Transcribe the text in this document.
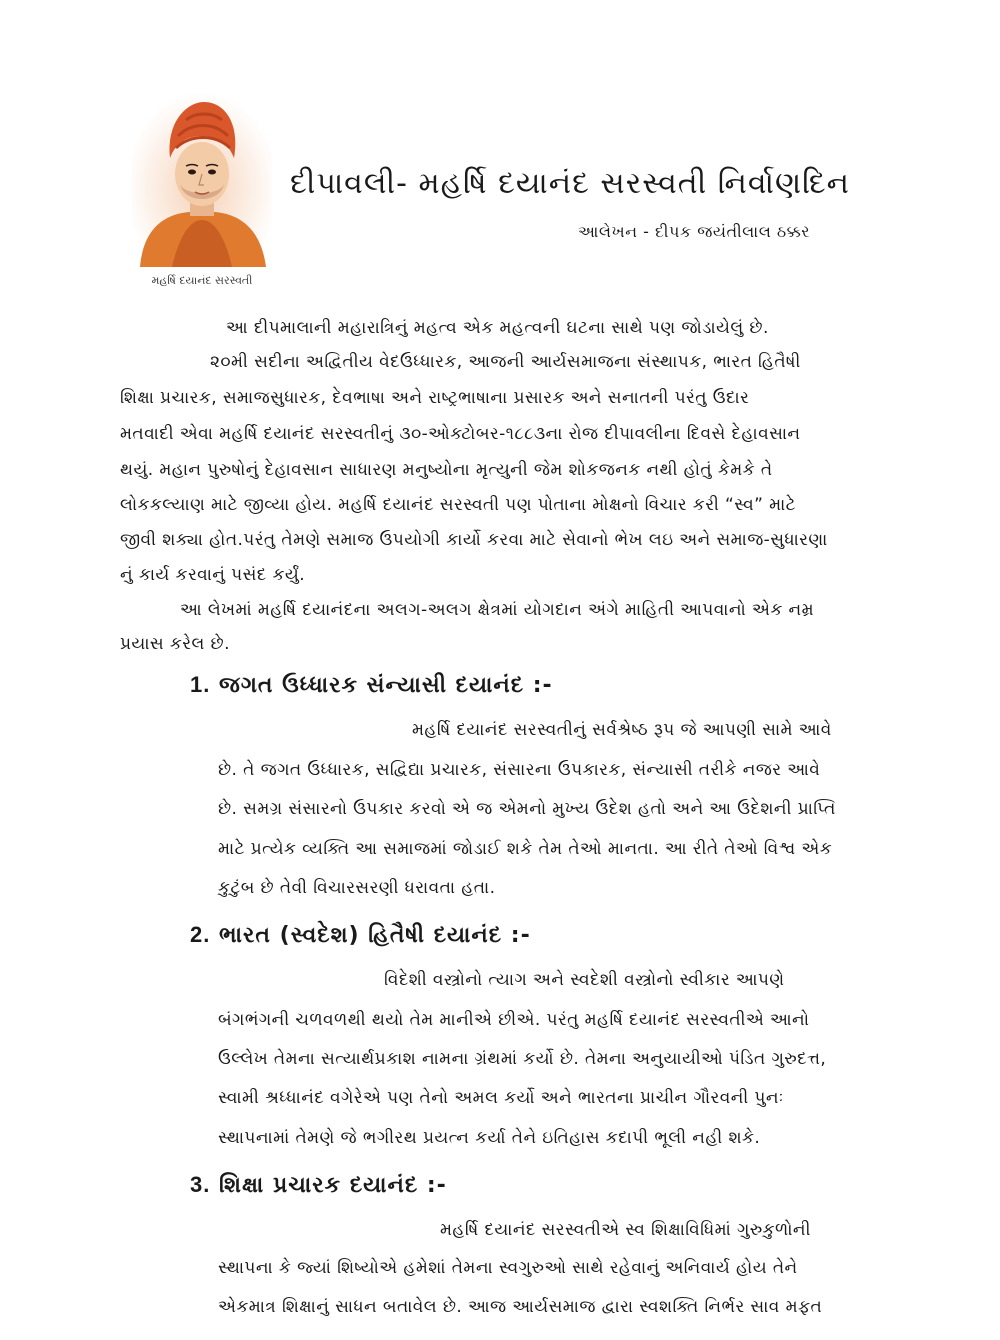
મહર્ષિ દયાનંદ સરસ્વતી
દીપાવલી- મહર્ષિ દયાનંદ સરસ્વતી નિર્વાણદિન
આલેખન - દીપક જયંતીલાલ ઠક્કર
આ દીપમાલાની મહારાત્રિનું મહત્વ એક મહત્વની ઘટના સાથે પણ જોડાયેલું છે.
૨૦મી સદીના અદ્વિતીય વેદઉધ્ધારક, આજની આર્યસમાજના સંસ્થાપક, ભારત હિતૈષી
શિક્ષા પ્રચારક, સમાજસુધારક, દેવભાષા અને રાષ્ટ્રભાષાના પ્રસારક અને સનાતની પરંતુ ઉદાર
મતવાદી એવા મહર્ષિ દયાનંદ સરસ્વતીનું ૩૦-ઓક્ટોબર-૧૮૮૩ના રોજ દીપાવલીના દિવસે દેહાવસાન
થયું. મહાન પુરુષોનું દેહાવસાન સાધારણ મનુષ્યોના મૃત્યુની જેમ શોકજનક નથી હોતું કેમકે તે
લોકકલ્યાણ માટે જીવ્યા હોય. મહર્ષિ દયાનંદ સરસ્વતી પણ પોતાના મોક્ષનો વિચાર કરી “સ્વ” માટે
જીવી શક્યા હોત.પરંતુ તેમણે સમાજ ઉપયોગી કાર્યો કરવા માટે સેવાનો ભેખ લઇ અને સમાજ-સુધારણા
નું કાર્ય કરવાનું પસંદ કર્યું.
આ લેખમાં મહર્ષિ દયાનંદના અલગ-અલગ ક્ષેત્રમાં યોગદાન અંગે માહિતી આપવાનો એક નમ્ર
પ્રયાસ કરેલ છે.
1. જગત ઉધ્ધારક સંન્યાસી દયાનંદ :-
મહર્ષિ દયાનંદ સરસ્વતીનું સર્વશ્રેષ્ઠ રૂપ જે આપણી સામે આવે
છે. તે જગત ઉધ્ધારક, સદ્વિદ્યા પ્રચારક, સંસારના ઉપકારક, સંન્યાસી તરીકે નજર આવે
છે. સમગ્ર સંસારનો ઉપકાર કરવો એ જ એમનો મુખ્ય ઉદેશ હતો અને આ ઉદેશની પ્રાપ્તિ
માટે પ્રત્યેક વ્યક્તિ આ સમાજમાં જોડાઈ શકે તેમ તેઓ માનતા. આ રીતે તેઓ વિશ્વ એક
કુટુંબ છે તેવી વિચારસરણી ધરાવતા હતા.
2. ભારત (સ્વદેશ) હિતૈષી દયાનંદ :-
વિદેશી વસ્ત્રોનો ત્યાગ અને સ્વદેશી વસ્ત્રોનો સ્વીકાર આપણે
બંગભંગની ચળવળથી થયો તેમ માનીએ છીએ. પરંતુ મહર્ષિ દયાનંદ સરસ્વતીએ આનો
ઉલ્લેખ તેમના સત્યાર્થપ્રકાશ નામના ગ્રંથમાં કર્યો છે. તેમના અનુયાયીઓ પંડિત ગુરુદત્ત,
સ્વામી શ્રધ્ધાનંદ વગેરેએ પણ તેનો અમલ કર્યો અને ભારતના પ્રાચીન ગૌરવની પુનઃ
સ્થાપનામાં તેમણે જે ભગીરથ પ્રયત્ન કર્યા તેને ઇતિહાસ કદાપી ભૂલી નહી શકે.
3. શિક્ષા પ્રચારક દયાનંદ :-
મહર્ષિ દયાનંદ સરસ્વતીએ સ્વ શિક્ષાવિધિમાં ગુરુકુળોની
સ્થાપના કે જ્યાં શિષ્યોએ હમેશાં તેમના સ્વગુરુઓ સાથે રહેવાનું અનિવાર્ય હોય તેને
એકમાત્ર શિક્ષાનું સાધન બતાવેલ છે. આજ આર્યસમાજ દ્વારા સ્વશક્તિ નિર્ભર સાવ મફત
